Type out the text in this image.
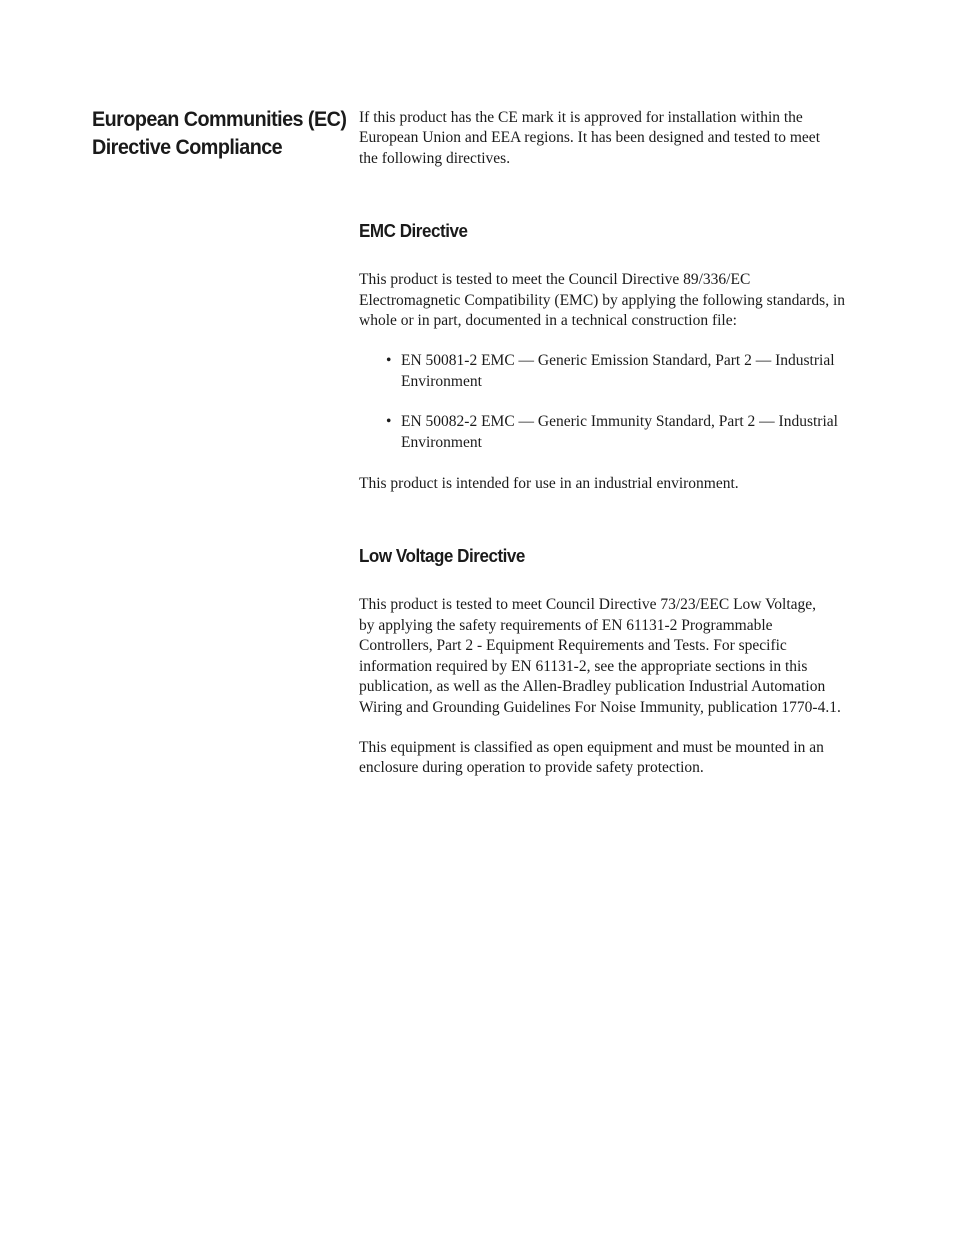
European Communities (EC)
Directive Compliance

If this product has the CE mark it is approved for installation within the
European Union and EEA regions. It has been designed and tested to meet
the following directives.

EMC Directive

This product is tested to meet the Council Directive 89/336/EC
Electromagnetic Compatibility (EMC) by applying the following standards, in
whole or in part, documented in a technical construction file:

• EN 50081-2 EMC — Generic Emission Standard, Part 2 — Industrial
Environment
• EN 50082-2 EMC — Generic Immunity Standard, Part 2 — Industrial
Environment

This product is intended for use in an industrial environment.

Low Voltage Directive

This product is tested to meet Council Directive 73/23/EEC Low Voltage,
by applying the safety requirements of EN 61131-2 Programmable
Controllers, Part 2 - Equipment Requirements and Tests. For specific
information required by EN 61131-2, see the appropriate sections in this
publication, as well as the Allen-Bradley publication Industrial Automation
Wiring and Grounding Guidelines For Noise Immunity, publication 1770-4.1.

This equipment is classified as open equipment and must be mounted in an
enclosure during operation to provide safety protection.
